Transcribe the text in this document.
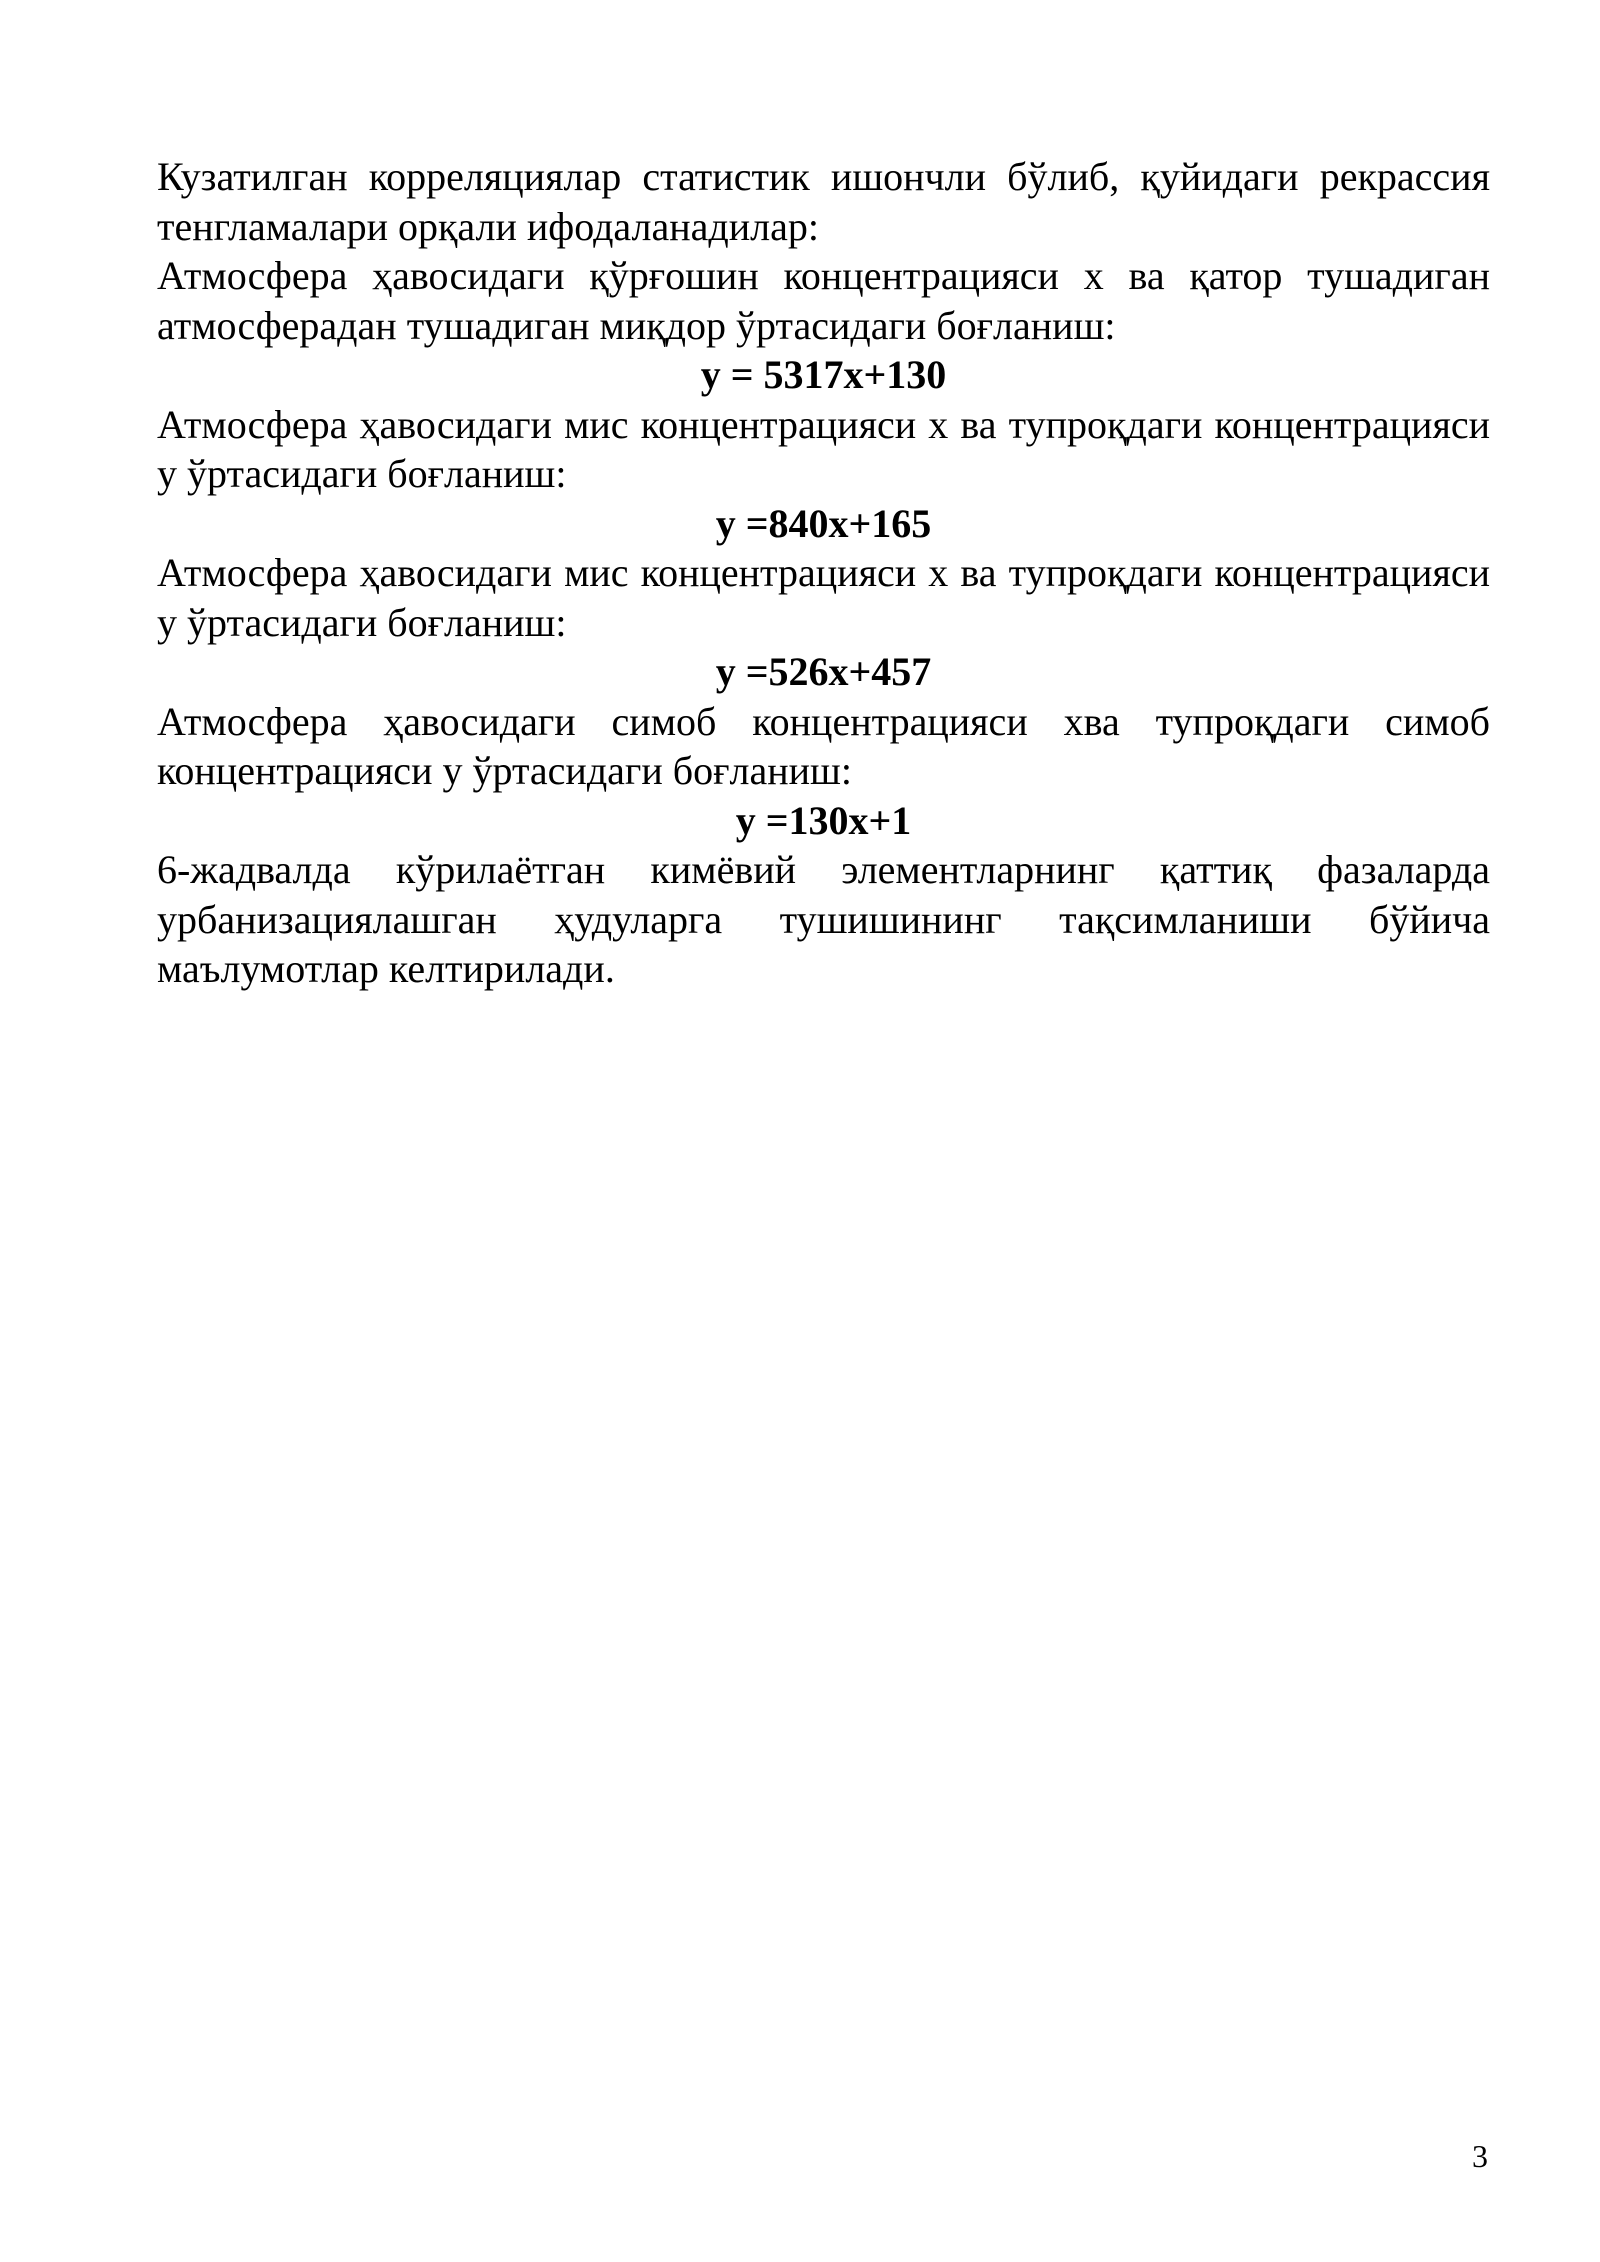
Кузатилган корреляциялар статистик ишончли бўлиб, қуйидаги рекрассия тенгламалари орқали ифодаланадилар:

Атмосфера ҳавосидаги қўрғошин концентрацияси х ва қатор тушадиган атмосферадан тушадиган миқдор ўртасидаги боғланиш:

у = 5317х+130

Атмосфера ҳавосидаги мис концентрацияси х ва тупроқдаги концентрацияси у ўртасидаги боғланиш:

у =840х+165

Атмосфера ҳавосидаги мис концентрацияси х ва тупроқдаги концентрацияси у ўртасидаги боғланиш:

у =526х+457

Атмосфера ҳавосидаги симоб концентрацияси хва тупроқдаги симоб концентрацияси у ўртасидаги боғланиш:

у =130х+1

6-жадвалда кўрилаётган кимёвий элементларнинг қаттиқ фазаларда урбанизациялашган ҳудуларга тушишининг тақсимланиши бўйича маълумотлар келтирилади.

3
